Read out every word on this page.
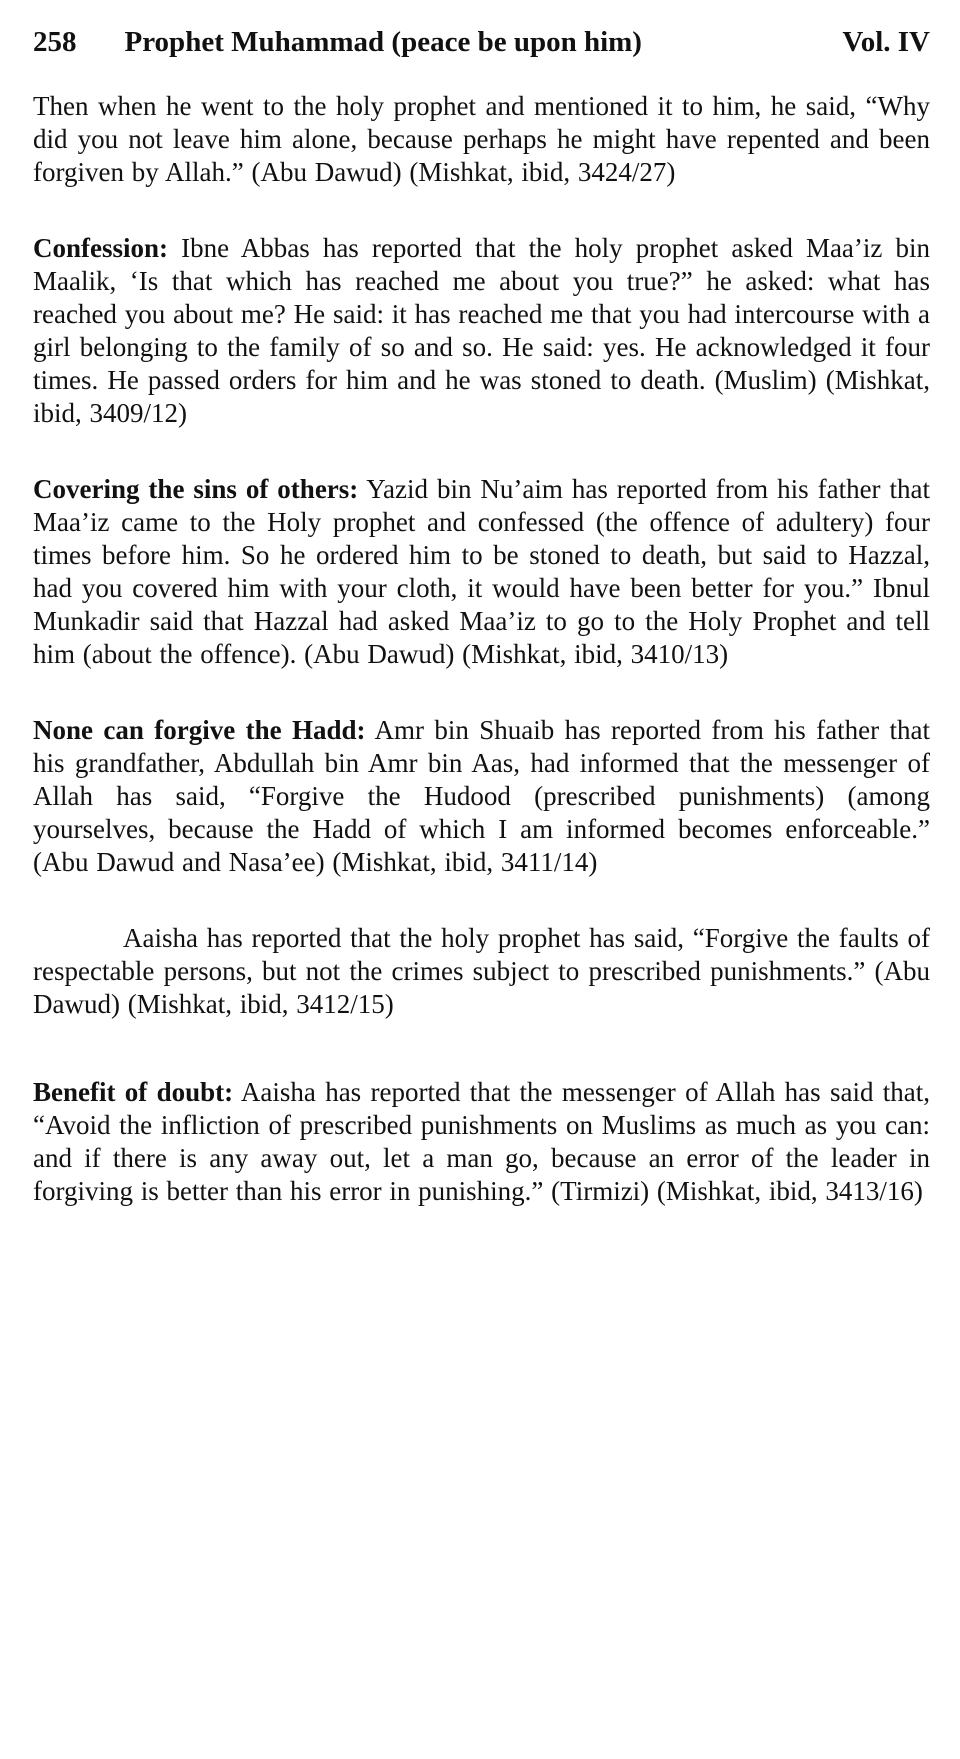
258 Prophet Muhammad (peace be upon him)	Vol. IV

Then when he went to the holy prophet and mentioned it to him, he said, “Why did you not leave him alone, because perhaps he might have repented and been forgiven by Allah.” (Abu Dawud) (Mishkat, ibid, 3424/27)

Confession: Ibne Abbas has reported that the holy prophet asked Maa’iz bin Maalik, ‘Is that which has reached me about you true?” he asked: what has reached you about me? He said: it has reached me that you had intercourse with a girl belonging to the family of so and so. He said: yes. He acknowledged it four times. He passed orders for him and he was stoned to death. (Muslim) (Mishkat, ibid, 3409/12)

Covering the sins of others: Yazid bin Nu’aim has reported from his father that Maa’iz came to the Holy prophet and confessed (the offence of adultery) four times before him. So he ordered him to be stoned to death, but said to Hazzal, had you covered him with your cloth, it would have been better for you.” Ibnul Munkadir said that Hazzal had asked Maa’iz to go to the Holy Prophet and tell him (about the offence). (Abu Dawud) (Mishkat, ibid, 3410/13)

None can forgive the Hadd: Amr bin Shuaib has reported from his father that his grandfather, Abdullah bin Amr bin Aas, had informed that the messenger of Allah has said, “Forgive the Hudood (prescribed punishments) (among yourselves, because the Hadd of which I am informed becomes enforceable.” (Abu Dawud and Nasa’ee) (Mishkat, ibid, 3411/14)

Aaisha has reported that the holy prophet has said, “Forgive the faults of respectable persons, but not the crimes subject to prescribed punishments.” (Abu Dawud) (Mishkat, ibid, 3412/15)

Benefit of doubt: Aaisha has reported that the messenger of Allah has said that, “Avoid the infliction of prescribed punishments on Muslims as much as you can: and if there is any away out, let a man go, because an error of the leader in forgiving is better than his error in punishing.” (Tirmizi) (Mishkat, ibid, 3413/16)
